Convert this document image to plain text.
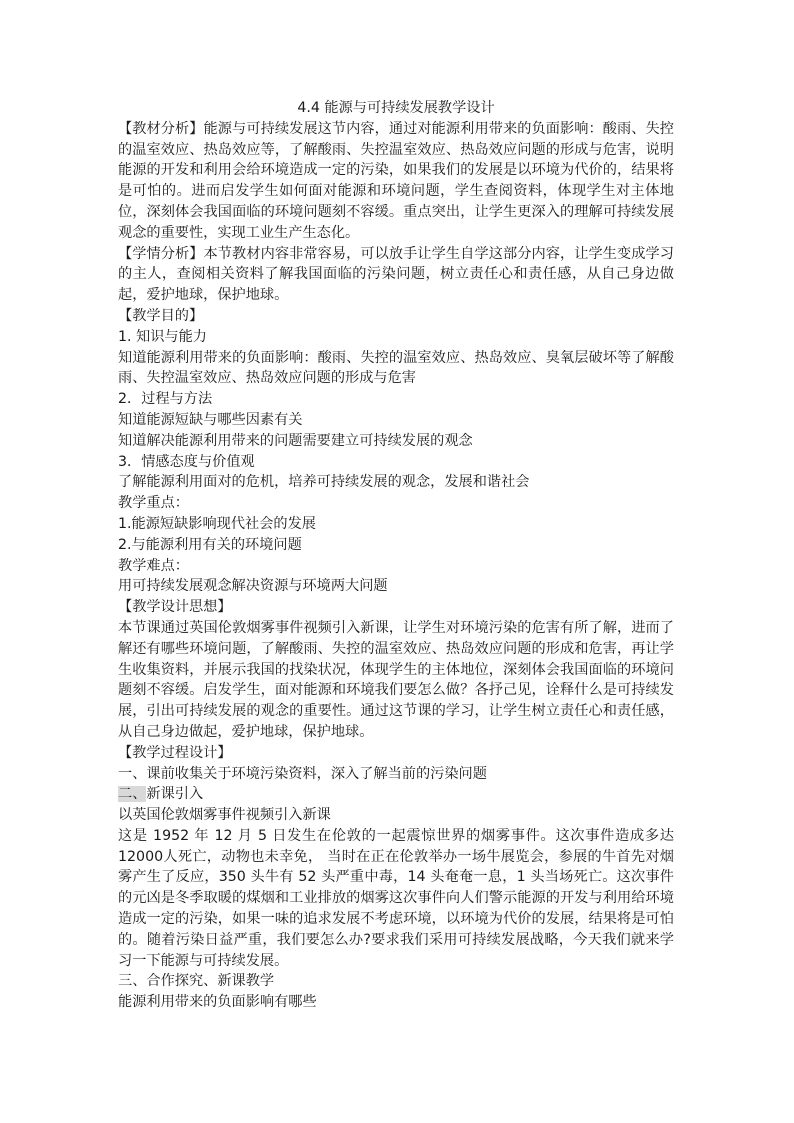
4.4 能源与可持续发展教学设计

【教材分析】能源与可持续发展这节内容，通过对能源利用带来的负面影响：酸雨、失控的温室效应、热岛效应等，了解酸雨、失控温室效应、热岛效应问题的形成与危害，说明能源的开发和利用会给环境造成一定的污染，如果我们的发展是以环境为代价的，结果将是可怕的。进而启发学生如何面对能源和环境问题，学生查阅资料，体现学生对主体地位，深刻体会我国面临的环境问题刻不容缓。重点突出，让学生更深入的理解可持续发展观念的重要性，实现工业生产生态化。

【学情分析】本节教材内容非常容易，可以放手让学生自学这部分内容，让学生变成学习的主人，查阅相关资料了解我国面临的污染问题，树立责任心和责任感，从自己身边做起，爱护地球，保护地球。

【教学目的】

1. 知识与能力

知道能源利用带来的负面影响：酸雨、失控的温室效应、热岛效应、臭氧层破坏等了解酸雨、失控温室效应、热岛效应问题的形成与危害

2．过程与方法

知道能源短缺与哪些因素有关

知道解决能源利用带来的问题需要建立可持续发展的观念

3．情感态度与价值观

了解能源利用面对的危机，培养可持续发展的观念，发展和谐社会

教学重点：

1.能源短缺影响现代社会的发展

2.与能源利用有关的环境问题

教学难点：

用可持续发展观念解决资源与环境两大问题

【教学设计思想】

本节课通过英国伦敦烟雾事件视频引入新课，让学生对环境污染的危害有所了解，进而了解还有哪些环境问题，了解酸雨、失控的温室效应、热岛效应问题的形成和危害，再让学生收集资料，并展示我国的找染状况，体现学生的主体地位，深刻体会我国面临的环境问题刻不容缓。启发学生，面对能源和环境我们要怎么做？各抒己见，诠释什么是可持续发展，引出可持续发展的观念的重要性。通过这节课的学习，让学生树立责任心和责任感，从自己身边做起，爱护地球，保护地球。

【教学过程设计】

一、课前收集关于环境污染资料，深入了解当前的污染问题

二、新课引入

以英国伦敦烟雾事件视频引入新课

这是 1952 年 12 月 5 日发生在伦敦的一起震惊世界的烟雾事件。这次事件造成多达 12000人死亡，动物也未幸免， 当时在正在伦敦举办一场牛展览会，参展的牛首先对烟雾产生了反应，350 头牛有 52 头严重中毒，14 头奄奄一息，1 头当场死亡。这次事件的元凶是冬季取暖的煤烟和工业排放的烟雾这次事件向人们警示能源的开发与利用给环境造成一定的污染，如果一味的追求发展不考虑环境，以环境为代价的发展，结果将是可怕的。随着污染日益严重，我们要怎么办?要求我们采用可持续发展战略，今天我们就来学习一下能源与可持续发展。

三、合作探究、新课教学

能源利用带来的负面影响有哪些
